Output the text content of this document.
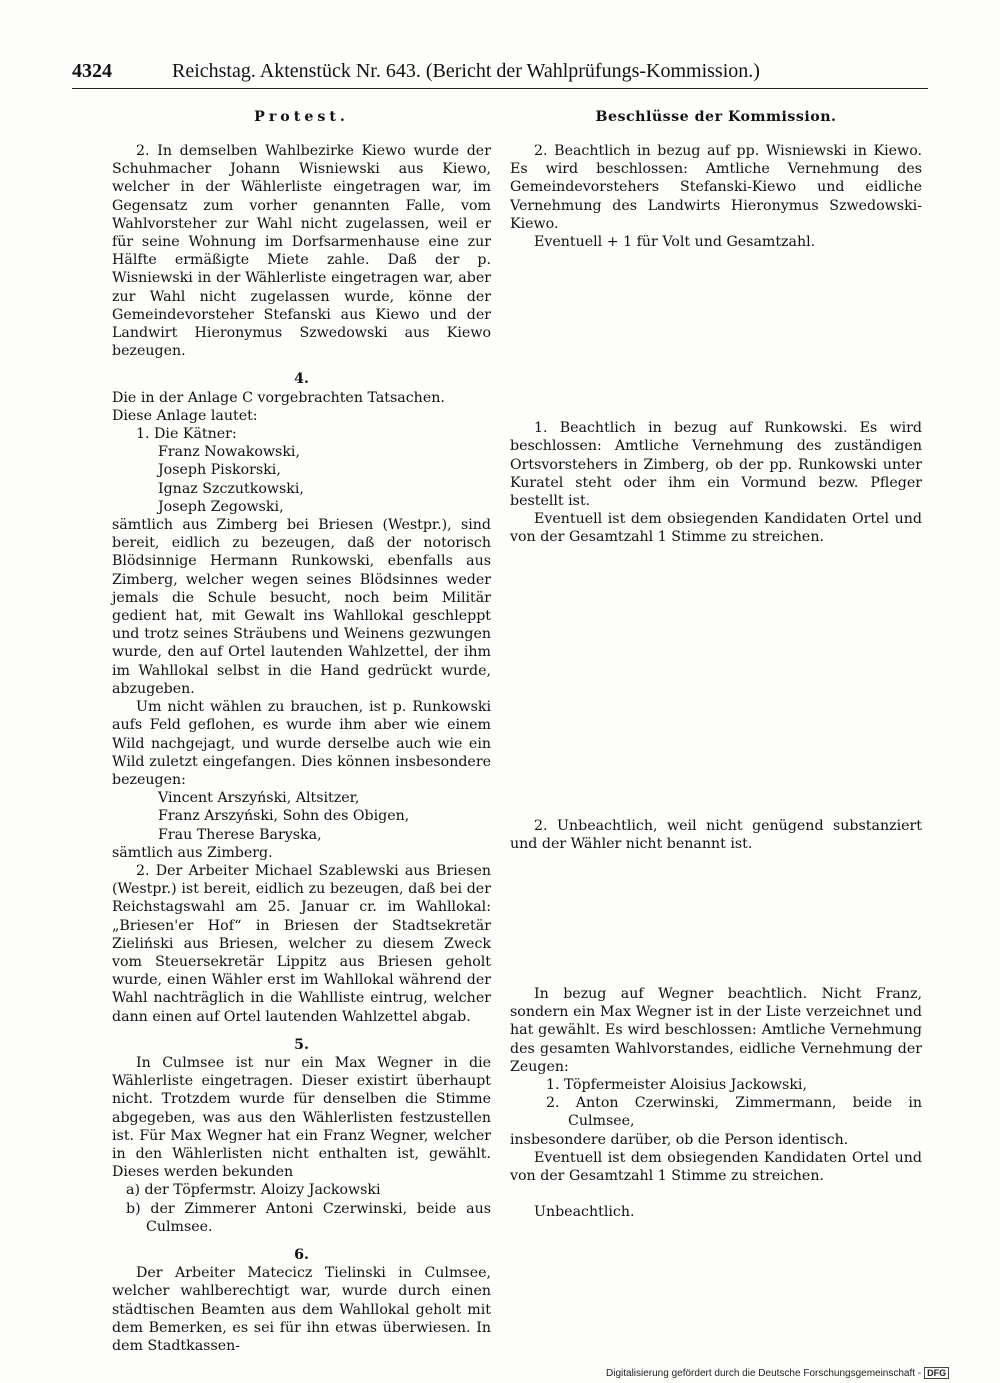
4324	Reichstag. Aktenstück Nr. 643. (Bericht der Wahlprüfungs-Kommission.)

Protest.

2. In demselben Wahlbezirke Kiewo wurde der Schuhmacher Johann Wisniewski aus Kiewo, welcher in der Wählerliste eingetragen war, im Gegensatz zum vorher genannten Falle, vom Wahlvorsteher zur Wahl nicht zugelassen, weil er für seine Wohnung im Dorfsarmenhause eine zur Hälfte ermäßigte Miete zahle. Daß der p. Wisniewski in der Wählerliste eingetragen war, aber zur Wahl nicht zugelassen wurde, könne der Gemeindevorsteher Stefanski aus Kiewo und der Landwirt Hieronymus Szwedowski aus Kiewo bezeugen.

4.

Die in der Anlage C vorgebrachten Tatsachen.

Diese Anlage lautet:

1. Die Kätner:

Franz Nowakowski,

Joseph Piskorski,

Ignaz Szczutkowski,

Joseph Zegowski,

sämtlich aus Zimberg bei Briesen (Westpr.), sind bereit, eidlich zu bezeugen, daß der notorisch Blödsinnige Hermann Runkowski, ebenfalls aus Zimberg, welcher wegen seines Blödsinnes weder jemals die Schule besucht, noch beim Militär gedient hat, mit Gewalt ins Wahllokal geschleppt und trotz seines Sträubens und Weinens gezwungen wurde, den auf Ortel lautenden Wahlzettel, der ihm im Wahllokal selbst in die Hand gedrückt wurde, abzugeben.

Um nicht wählen zu brauchen, ist p. Runkowski aufs Feld geflohen, es wurde ihm aber wie einem Wild nachgejagt, und wurde derselbe auch wie ein Wild zuletzt eingefangen. Dies können insbesondere bezeugen:

Vincent Arszyński, Altsitzer,

Franz Arszyński, Sohn des Obigen,

Frau Therese Baryska,

sämtlich aus Zimberg.

2. Der Arbeiter Michael Szablewski aus Briesen (Westpr.) ist bereit, eidlich zu bezeugen, daß bei der Reichstagswahl am 25. Januar cr. im Wahllokal: „Briesen'er Hof“ in Briesen der Stadtsekretär Zieliński aus Briesen, welcher zu diesem Zweck vom Steuersekretär Lippitz aus Briesen geholt wurde, einen Wähler erst im Wahllokal während der Wahl nachträglich in die Wahlliste eintrug, welcher dann einen auf Ortel lautenden Wahlzettel abgab.

5.

In Culmsee ist nur ein Max Wegner in die Wählerliste eingetragen. Dieser existirt überhaupt nicht. Trotzdem wurde für denselben die Stimme abgegeben, was aus den Wählerlisten festzustellen ist. Für Max Wegner hat ein Franz Wegner, welcher in den Wählerlisten nicht enthalten ist, gewählt. Dieses werden bekunden

a) der Töpfermstr. Aloizy Jackowski

b) der Zimmerer Antoni Czerwinski, beide aus Culmsee.

6.

Der Arbeiter Matecicz Tielinski in Culmsee, welcher wahlberechtigt war, wurde durch einen städtischen Beamten aus dem Wahllokal geholt mit dem Bemerken, es sei für ihn etwas überwiesen. In dem Stadtkassen-

Beschlüsse der Kommission.

2. Beachtlich in bezug auf pp. Wisniewski in Kiewo. Es wird beschlossen: Amtliche Vernehmung des Gemeindevorstehers Stefanski-Kiewo und eidliche Vernehmung des Landwirts Hieronymus Szwedowski-Kiewo.

Eventuell + 1 für Volt und Gesamtzahl.

1. Beachtlich in bezug auf Runkowski. Es wird beschlossen: Amtliche Vernehmung des zuständigen Ortsvorstehers in Zimberg, ob der pp. Runkowski unter Kuratel steht oder ihm ein Vormund bezw. Pfleger bestellt ist.

Eventuell ist dem obsiegenden Kandidaten Ortel und von der Gesamtzahl 1 Stimme zu streichen.

2. Unbeachtlich, weil nicht genügend substanziert und der Wähler nicht benannt ist.

In bezug auf Wegner beachtlich. Nicht Franz, sondern ein Max Wegner ist in der Liste verzeichnet und hat gewählt. Es wird beschlossen: Amtliche Vernehmung des gesamten Wahlvorstandes, eidliche Vernehmung der Zeugen:

1. Töpfermeister Aloisius Jackowski,

2. Anton Czerwinski, Zimmermann, beide in Culmsee,

insbesondere darüber, ob die Person identisch.

Eventuell ist dem obsiegenden Kandidaten Ortel und von der Gesamtzahl 1 Stimme zu streichen.

Unbeachtlich.

Digitalisierung gefördert durch die Deutsche Forschungsgemeinschaft - DFG
